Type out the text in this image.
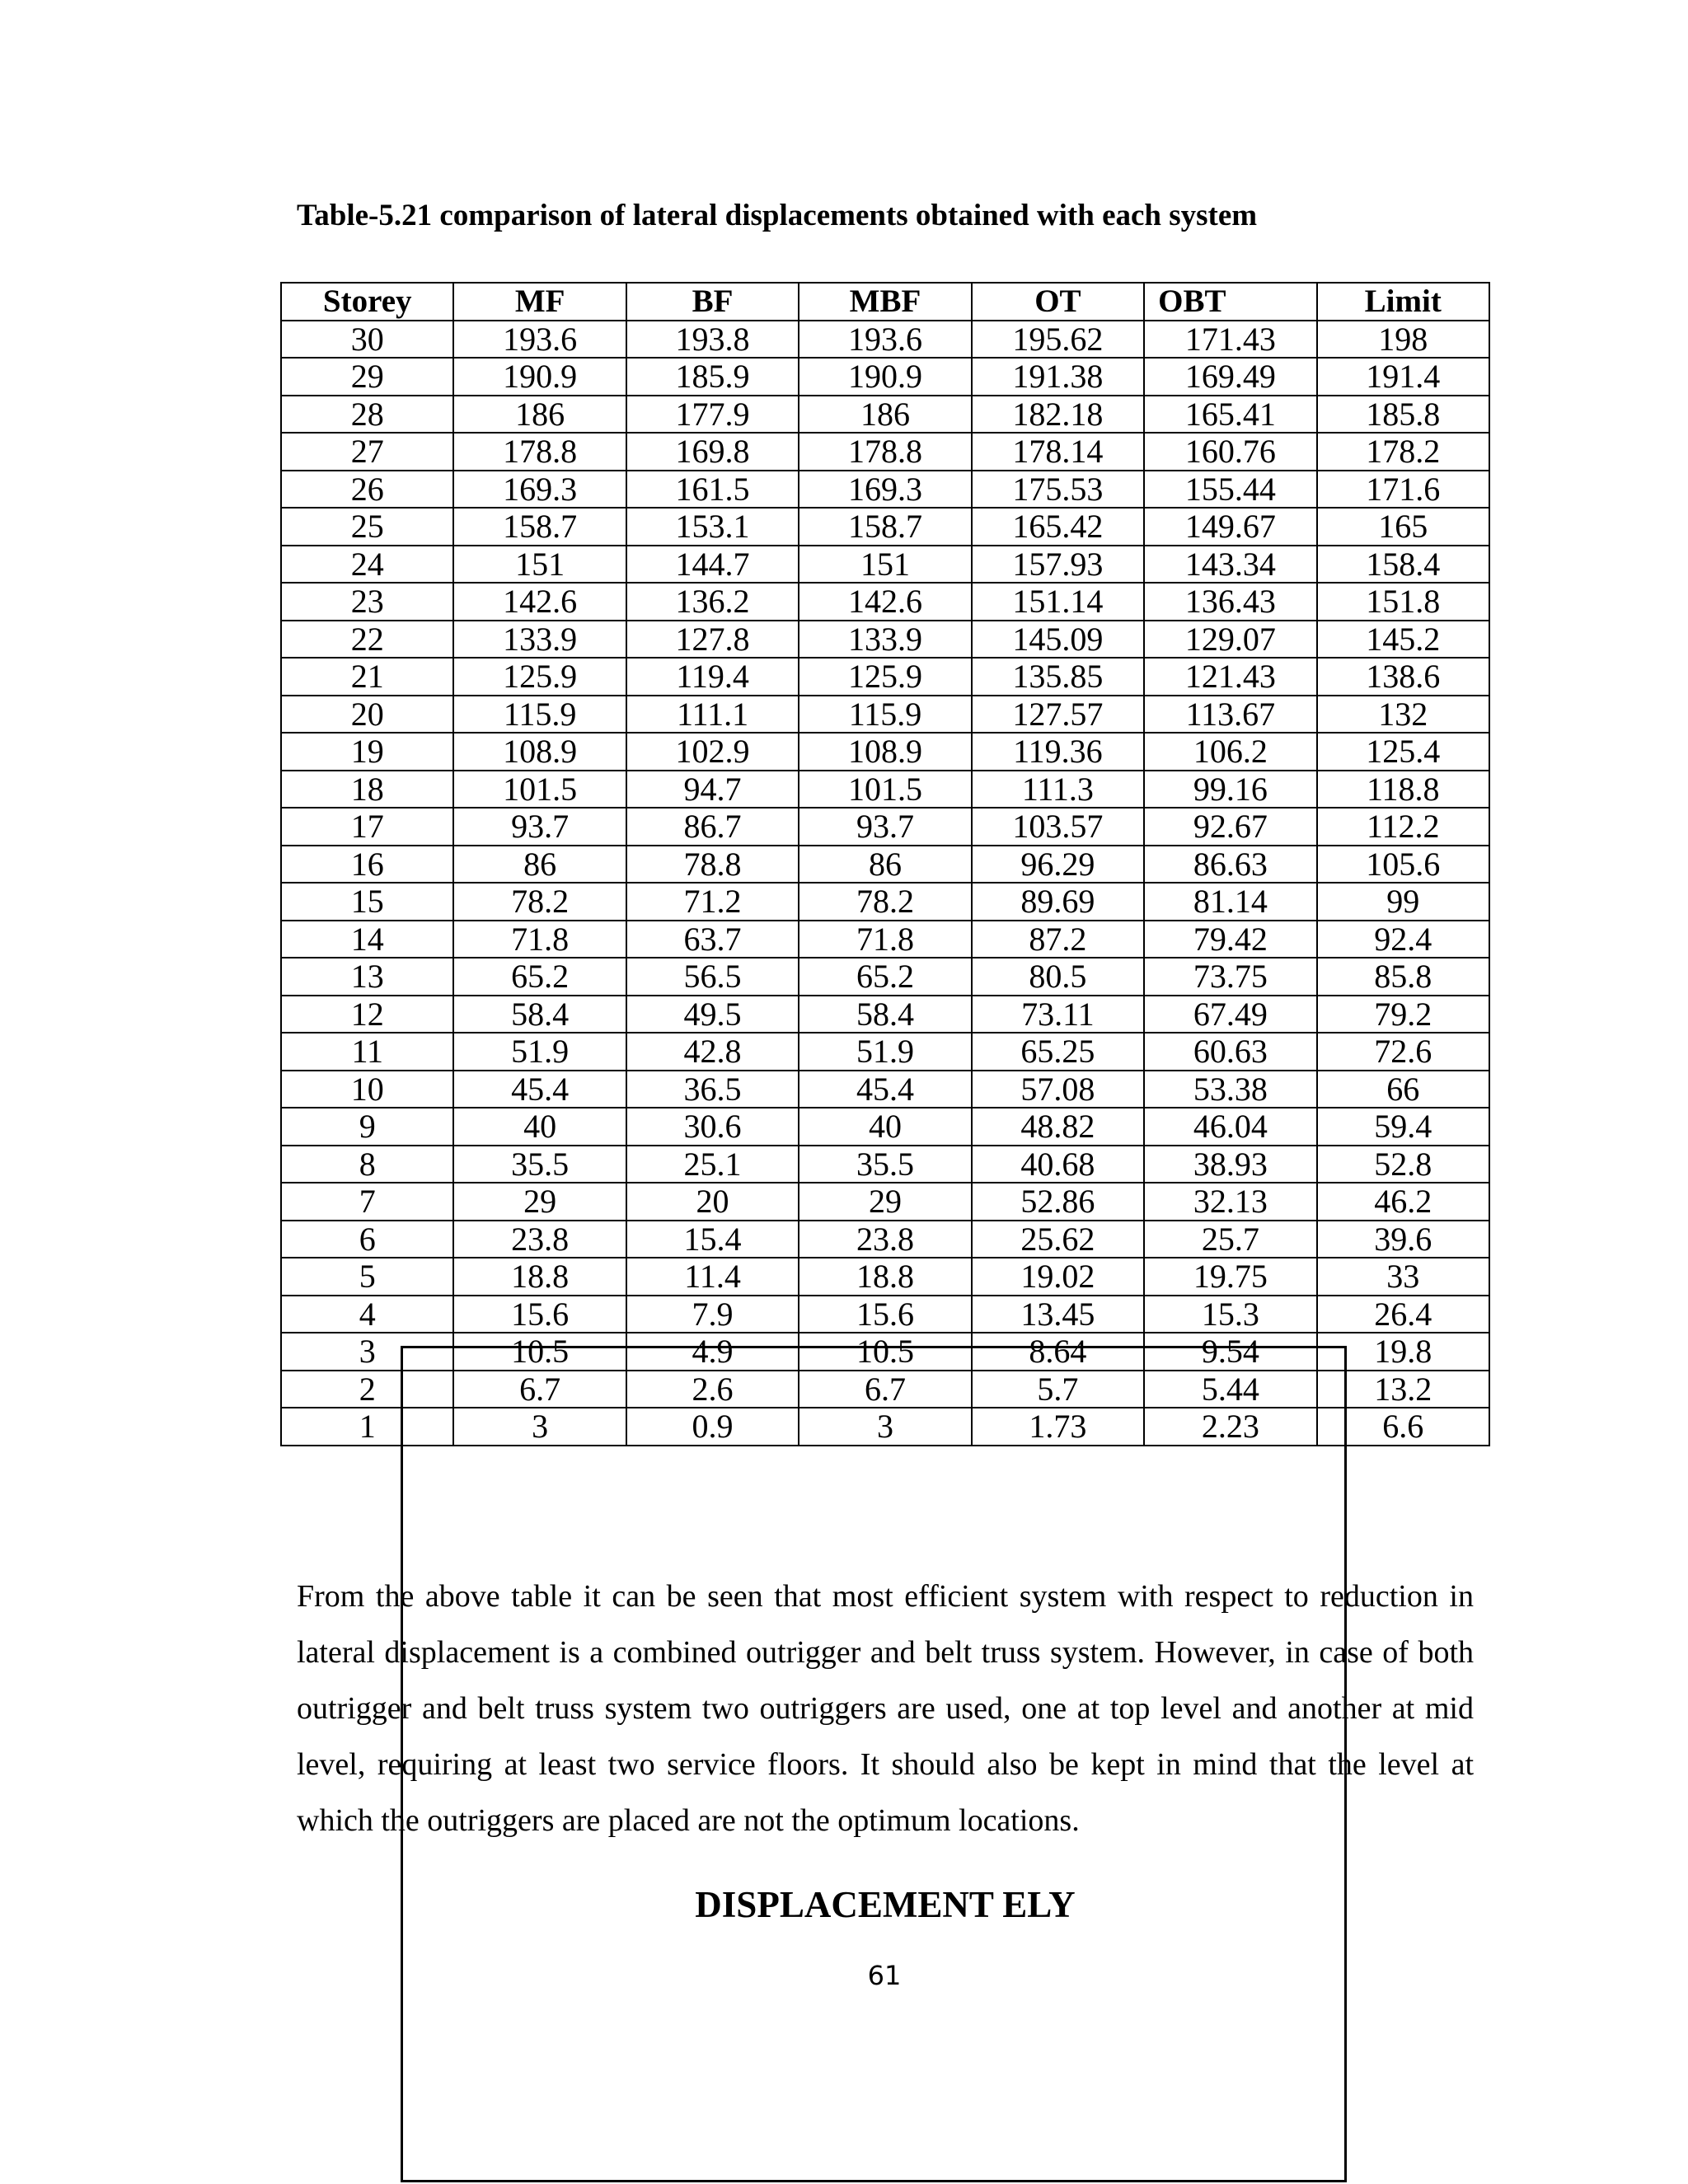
Table-5.21 comparison of lateral displacements obtained with each system
Storey	MF	BF	MBF	OT	OBT	Limit
30	193.6	193.8	193.6	195.62	171.43	198
29	190.9	185.9	190.9	191.38	169.49	191.4
28	186	177.9	186	182.18	165.41	185.8
27	178.8	169.8	178.8	178.14	160.76	178.2
26	169.3	161.5	169.3	175.53	155.44	171.6
25	158.7	153.1	158.7	165.42	149.67	165
24	151	144.7	151	157.93	143.34	158.4
23	142.6	136.2	142.6	151.14	136.43	151.8
22	133.9	127.8	133.9	145.09	129.07	145.2
21	125.9	119.4	125.9	135.85	121.43	138.6
20	115.9	111.1	115.9	127.57	113.67	132
19	108.9	102.9	108.9	119.36	106.2	125.4
18	101.5	94.7	101.5	111.3	99.16	118.8
17	93.7	86.7	93.7	103.57	92.67	112.2
16	86	78.8	86	96.29	86.63	105.6
15	78.2	71.2	78.2	89.69	81.14	99
14	71.8	63.7	71.8	87.2	79.42	92.4
13	65.2	56.5	65.2	80.5	73.75	85.8
12	58.4	49.5	58.4	73.11	67.49	79.2
11	51.9	42.8	51.9	65.25	60.63	72.6
10	45.4	36.5	45.4	57.08	53.38	66
9	40	30.6	40	48.82	46.04	59.4
8	35.5	25.1	35.5	40.68	38.93	52.8
7	29	20	29	52.86	32.13	46.2
6	23.8	15.4	23.8	25.62	25.7	39.6
5	18.8	11.4	18.8	19.02	19.75	33
4	15.6	7.9	15.6	13.45	15.3	26.4
3	10.5	4.9	10.5	8.64	9.54	19.8
2	6.7	2.6	6.7	5.7	5.44	13.2
1	3	0.9	3	1.73	2.23	6.6
From the above table it can be seen that most efficient system with respect to reduction in lateral displacement is a combined outrigger and belt truss system. However, in case of both outrigger and belt truss system two outriggers are used, one at top level and another at mid level, requiring at least two service floors. It should also be kept in mind that the level at which the outriggers are placed are not the optimum locations.
DISPLACEMENT ELY
61
